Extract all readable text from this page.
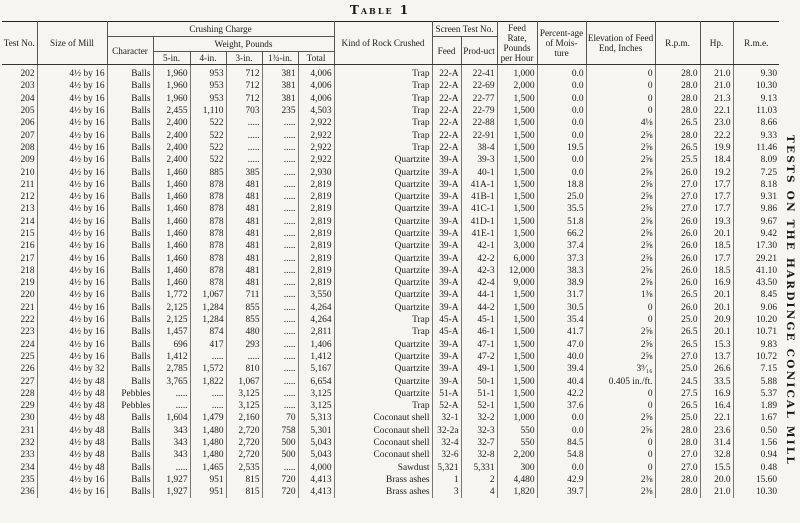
Table 1
Test No.	Size of Mill	Crushing Charge						Kind of Rock Crushed	Screen Test No.		Feed Rate, Pounds per Hour	Percent-age of Mois-ture	Elevation of Feed End, Inches	R.p.m.	Hp.	R.m.e.
		Character	Weight, Pounds						Feed	Prod-uct						
			5-in.	4-in.	3-in.	1¾-in.	Total									
202	4½ by 16	Balls	1,960	953	712	381	4,006	Trap	22-A	22-41	1,000	0.0	0	28.0	21.0	9.30
203	4½ by 16	Balls	1,960	953	712	381	4,006	Trap	22-A	22-69	2,000	0.0	0	28.0	21.0	10.30
204	4½ by 16	Balls	1,960	953	712	381	4,006	Trap	22-A	22-77	1,500	0.0	0	28.0	21.3	9.13
205	4½ by 16	Balls	2,455	1,110	703	235	4,503	Trap	22-A	22-79	1,500	0.0	0	28.0	22.1	11.03
206	4½ by 16	Balls	2,400	522	.....	.....	2,922	Trap	22-A	22-88	1,500	0.0	4⅛	26.5	23.0	8.66
207	4½ by 16	Balls	2,400	522	.....	.....	2,922	Trap	22-A	22-91	1,500	0.0	2⅝	28.0	22.2	9.33
208	4½ by 16	Balls	2,400	522	.....	.....	2,922	Trap	22-A	38-4	1,500	19.5	2⅝	26.5	19.9	11.46
209	4½ by 16	Balls	2,400	522	.....	.....	2,922	Quartzite	39-A	39-3	1,500	0.0	2⅝	25.5	18.4	8.09
210	4½ by 16	Balls	1,460	885	385	.....	2,930	Quartzite	39-A	40-1	1,500	0.0	2⅝	26.0	19.2	7.25
211	4½ by 16	Balls	1,460	878	481	.....	2,819	Quartzite	39-A	41A-1	1,500	18.8	2⅝	27.0	17.7	8.18
212	4½ by 16	Balls	1,460	878	481	.....	2,819	Quartzite	39-A	41B-1	1,500	25.0	2⅝	27.0	17.7	9.31
213	4½ by 16	Balls	1,460	878	481	.....	2,819	Quartzite	39-A	41C-1	1,500	35.5	2⅝	27.0	17.7	9.86
214	4½ by 16	Balls	1,460	878	481	.....	2,819	Quartzite	39-A	41D-1	1,500	51.8	2⅝	26.0	19.3	9.67
215	4½ by 16	Balls	1,460	878	481	.....	2,819	Quartzite	39-A	41E-1	1,500	66.2	2⅝	26.0	20.1	9.42
216	4½ by 16	Balls	1,460	878	481	.....	2,819	Quartzite	39-A	42-1	3,000	37.4	2⅝	26.0	18.5	17.30
217	4½ by 16	Balls	1,460	878	481	.....	2,819	Quartzite	39-A	42-2	6,000	37.3	2⅝	26.0	17.7	29.21
218	4½ by 16	Balls	1,460	878	481	.....	2,819	Quartzite	39-A	42-3	12,000	38.3	2⅝	26.0	18.5	41.10
219	4½ by 16	Balls	1,460	878	481	.....	2,819	Quartzite	39-A	42-4	9,000	38.9	2⅝	26.0	16.9	43.50
220	4½ by 16	Balls	1,772	1,067	711	.....	3,550	Quartzite	39-A	44-1	1,500	31.7	1⅜	26.5	20.1	8.45
221	4½ by 16	Balls	2,125	1,284	855	.....	4,264	Quartzite	39-A	44-2	1,500	30.5	0	26.0	20.1	9.06
222	4½ by 16	Balls	2,125	1,284	855	.....	4,264	Trap	45-A	45-1	1,500	35.4	0	25.0	20.9	10.20
223	4½ by 16	Balls	1,457	874	480	.....	2,811	Trap	45-A	46-1	1,500	41.7	2⅝	26.5	20.1	10.71
224	4½ by 16	Balls	696	417	293	.....	1,406	Quartzite	39-A	47-1	1,500	47.0	2⅝	26.5	15.3	9.83
225	4½ by 16	Balls	1,412	.....	.....	.....	1,412	Quartzite	39-A	47-2	1,500	40.0	2⅝	27.0	13.7	10.72
226	4½ by 32	Balls	2,785	1,572	810	.....	5,167	Quartzite	39-A	49-1	1,500	39.4	3⁹⁄₁₆	25.0	26.6	7.15
227	4½ by 48	Balls	3,765	1,822	1,067	.....	6,654	Quartzite	39-A	50-1	1,500	40.4	0.405 in./ft.	24.5	33.5	5.88
228	4½ by 48	Pebbles	.....	.....	3,125	.....	3,125	Quartzite	51-A	51-1	1,500	42.2	0	27.5	16.9	5.37
229	4½ by 48	Pebbles	.....	.....	3,125	.....	3,125	Trap	52-A	52-1	1,500	37.6	0	26.5	16.4	1.89
230	4½ by 48	Balls	1,604	1,479	2,160	70	5,313	Coconaut shell	32-1	32-2	1,000	0.0	2⅝	25.0	22.1	1.67
231	4½ by 48	Balls	343	1,480	2,720	758	5,301	Coconaut shell	32-2a	32-3	550	0.0	2⅝	28.0	23.6	0.50
232	4½ by 48	Balls	343	1,480	2,720	500	5,043	Coconaut shell	32-4	32-7	550	84.5	0	28.0	31.4	1.56
233	4½ by 48	Balls	343	1,480	2,720	500	5,043	Coconaut shell	32-6	32-8	2,200	54.8	0	27.0	32.8	0.94
234	4½ by 48	Balls	.....	1,465	2,535	.....	4,000	Sawdust	5,321	5,331	300	0.0	0	27.0	15.5	0.48
235	4½ by 16	Balls	1,927	951	815	720	4,413	Brass ashes	1	2	4,480	42.9	2⅜	28.0	20.0	15.60
236	4½ by 16	Balls	1,927	951	815	720	4,413	Brass ashes	3	4	1,820	39.7	2⅜	28.0	21.0	10.30
TESTS ON THE HARDINGE CONICAL MILL
